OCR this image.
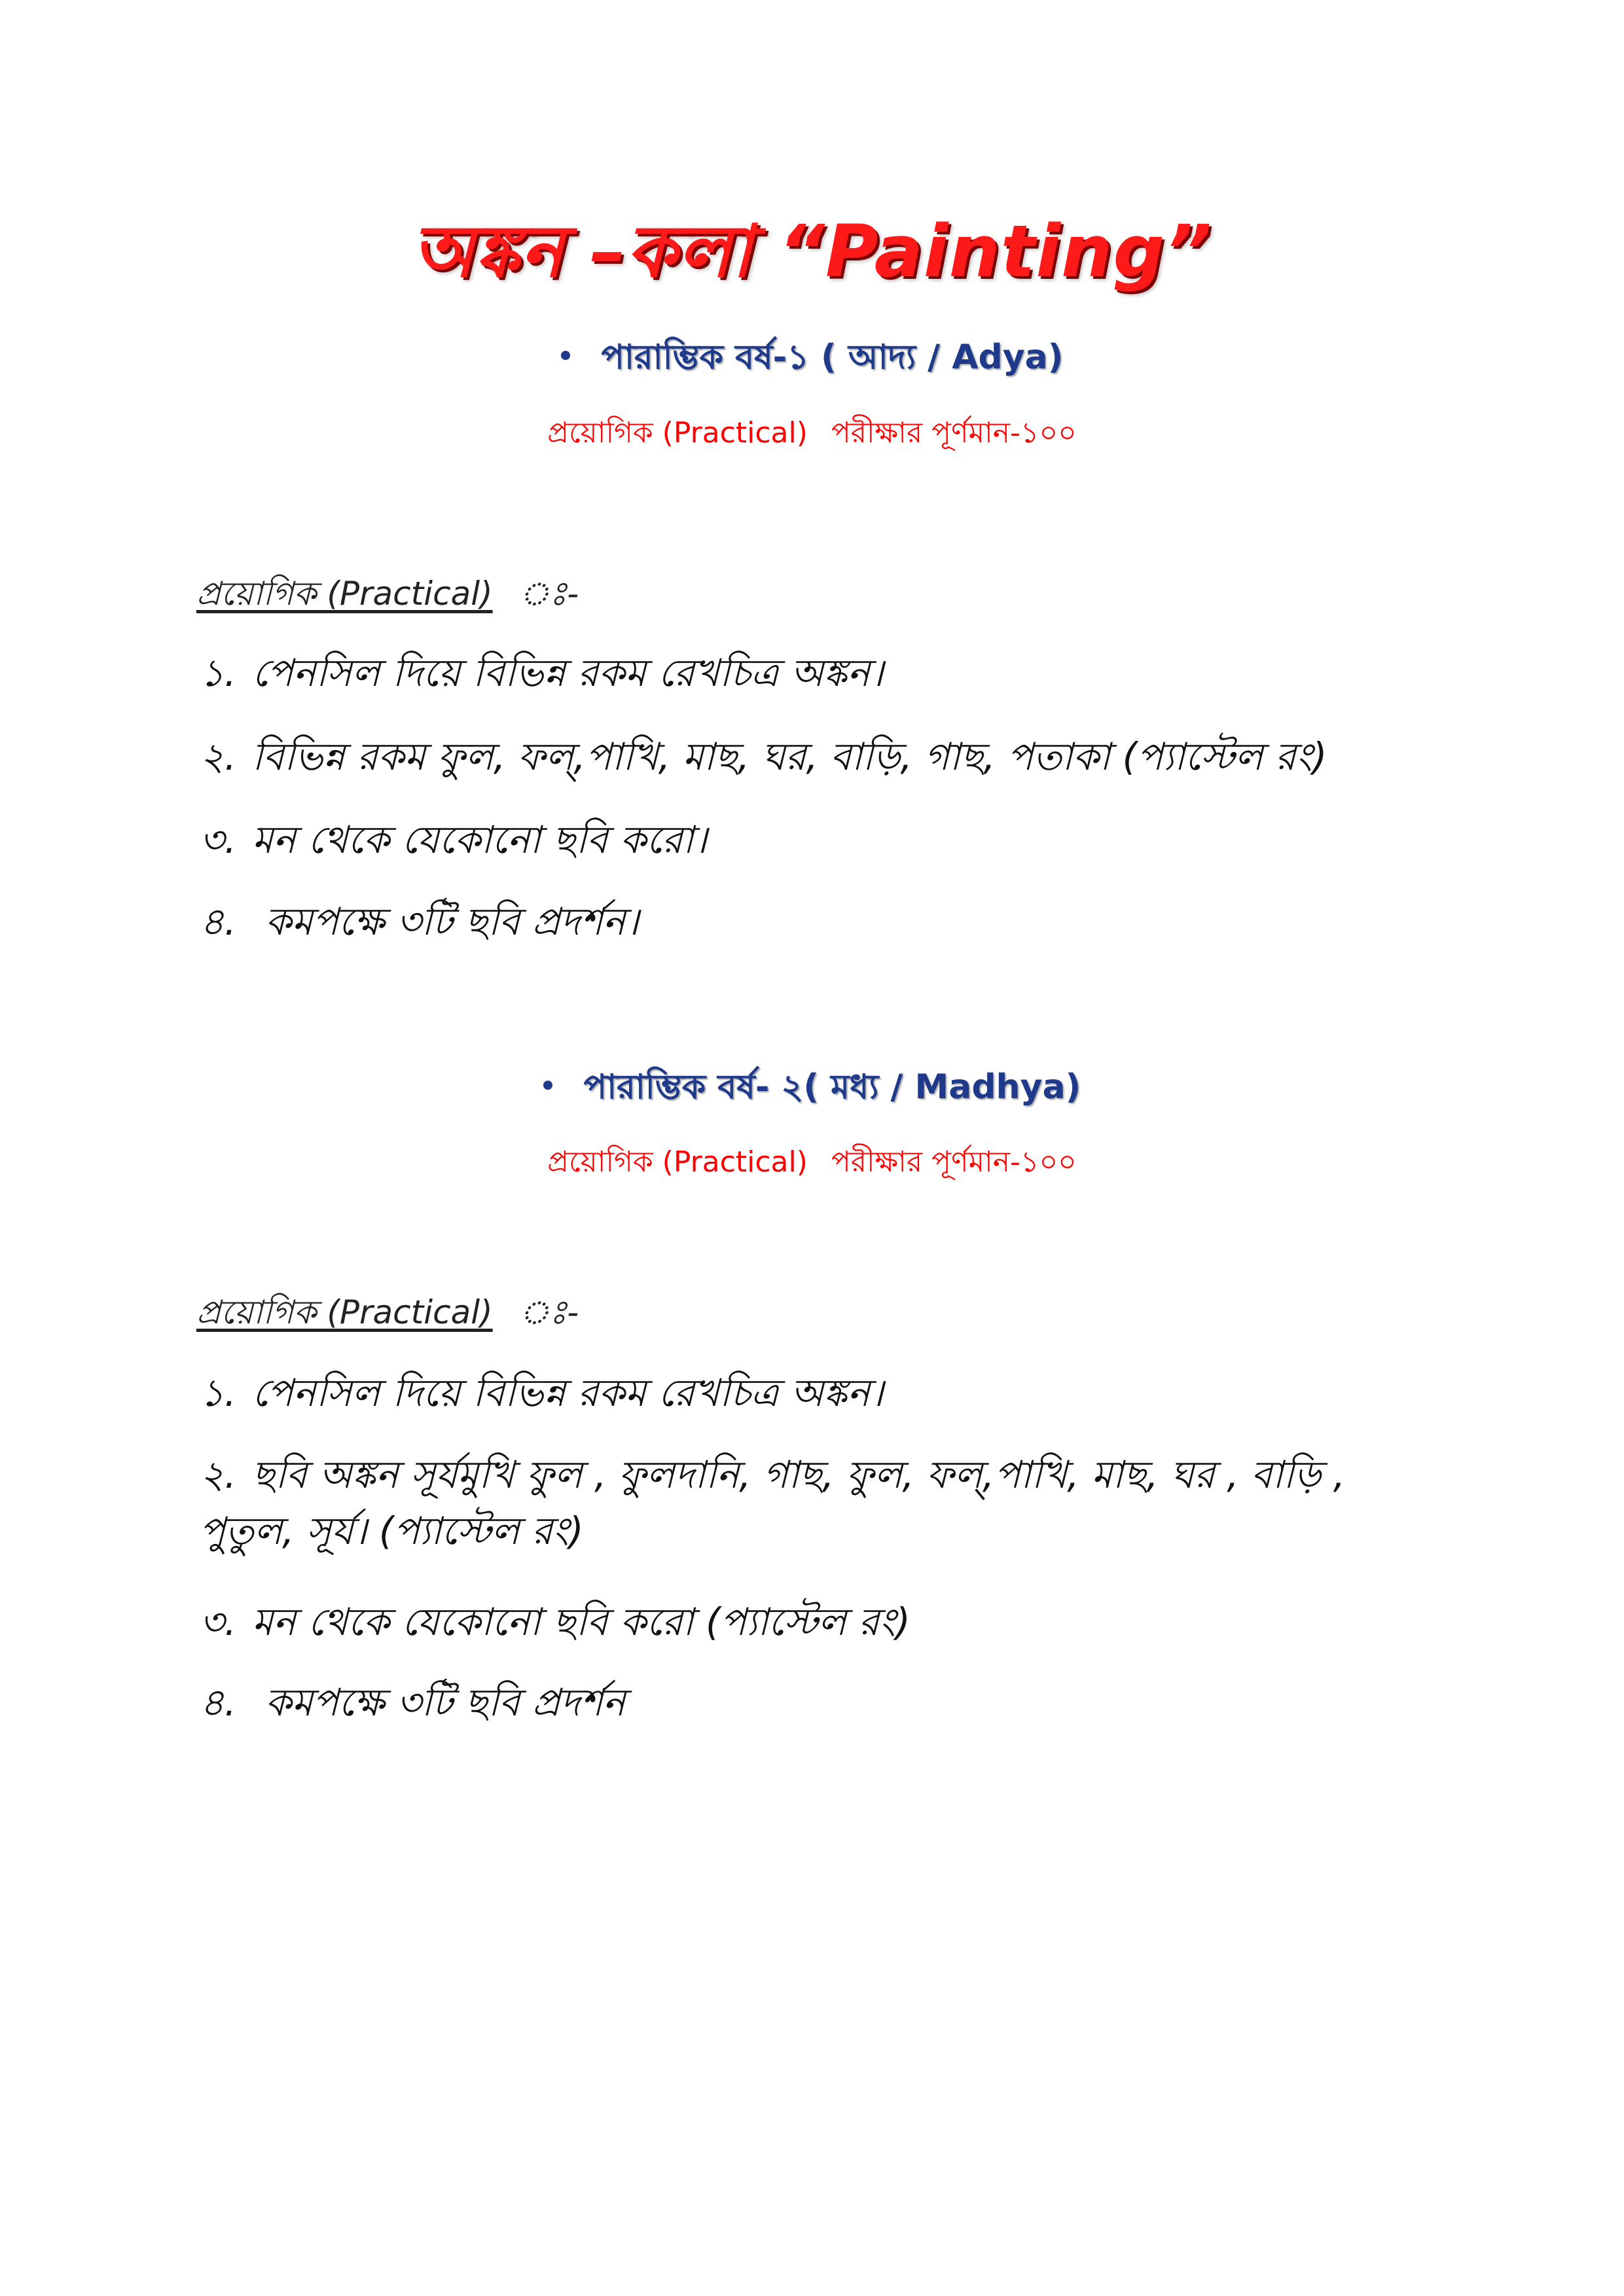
অঙ্কন –কলা “Painting”
পারাম্ভিক বর্ষ-১ ( আদ্য / Adya)
প্রয়োগিক (Practical) পরীক্ষার পূর্ণমান-১০০
প্রয়োগিক (Practical) ঃ-
১. পেনসিল দিয়ে বিভিন্ন রকম রেখচিত্র অঙ্কন।
২. বিভিন্ন রকম ফুল, ফল্,পাখি, মাছ, ঘর, বাড়ি, গাছ, পতাকা (প্যাস্টেল রং)
৩. মন থেকে যেকোনো ছবি করো।
৪. কমপক্ষে ৩টি ছবি প্রদর্শন।
পারাম্ভিক বর্ষ- ২( মধ্য / Madhya)
প্রয়োগিক (Practical) পরীক্ষার পূর্ণমান-১০০
প্রয়োগিক (Practical) ঃ-
১. পেনসিল দিয়ে বিভিন্ন রকম রেখচিত্র অঙ্কন।
২. ছবি অঙ্কন সূর্যমুখি ফুল , ফুলদানি, গাছ, ফুল, ফল্,পাখি, মাছ, ঘর , বাড়ি , পুতুল, সূর্য। (প্যাস্টেল রং)
৩. মন থেকে যেকোনো ছবি করো (প্যাস্টেল রং)
৪. কমপক্ষে ৩টি ছবি প্রদর্শন
